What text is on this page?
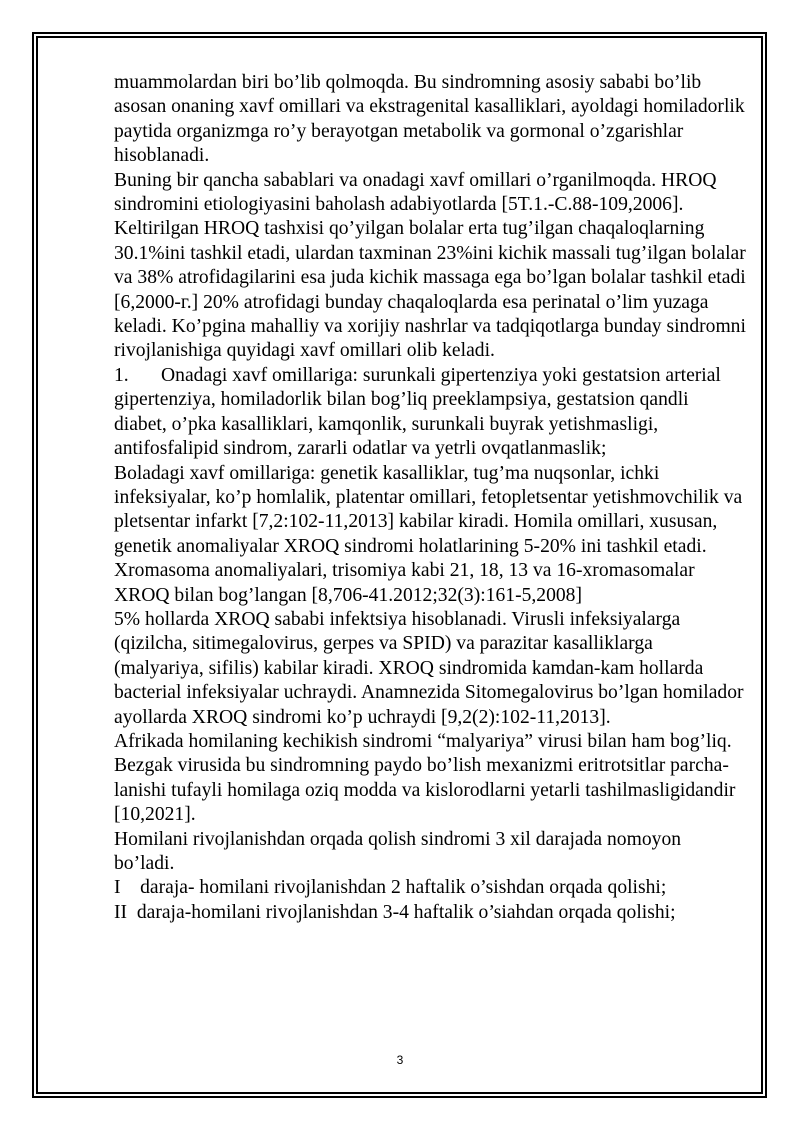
muammolardan biri bo’lib qolmoqda. Bu sindromning asosiy sababi bo’lib asosan onaning xavf omillari va ekstragenital kasalliklari, ayoldagi homiladorlik paytida organizmga ro’y berayotgan metabolik va gormonal o’zgarishlar hisoblanadi.

Buning bir qancha sabablari va onadagi xavf omillari o’rganilmoqda. HROQ sindromini etiologiyasini baholash adabiyotlarda [5T.1.-C.88-109,2006]. Keltirilgan HROQ tashxisi qo’yilgan bolalar erta tug’ilgan chaqaloqlarning 30.1%ini tashkil etadi, ulardan taxminan 23%ini kichik massali tug’ilgan bolalar va 38% atrofidagilarini esa juda kichik massaga ega bo’lgan bolalar tashkil etadi [6,2000-г.] 20% atrofidagi bunday chaqaloqlarda esa perinatal o’lim yuzaga keladi. Ko’pgina mahalliy va xorijiy nashrlar va tadqiqotlarga bunday sindromni rivojlanishiga quyidagi xavf omillari olib keladi.

1. Onadagi xavf omillariga: surunkali gipertenziya yoki gestatsion arterial gipertenziya, homiladorlik bilan bog’liq preeklampsiya, gestatsion qandli diabet, o’pka kasalliklari, kamqonlik, surunkali buyrak yetishmasligi, antifosfalipid sindrom, zararli odatlar va yetrli ovqatlanmaslik;

Boladagi xavf omillariga: genetik kasalliklar, tug’ma nuqsonlar, ichki infeksiyalar, ko’p homlalik, platentar omillari, fetopletsentar yetishmovchilik va pletsentar infarkt [7,2:102-11,2013] kabilar kiradi. Homila omillari, xususan, genetik anomaliyalar XROQ sindromi holatlarining 5-20% ini tashkil etadi. Xromasoma anomaliyalari, trisomiya kabi 21, 18, 13 va 16-xromasomalar XROQ bilan bog’langan [8,706-41.2012;32(3):161-5,2008]

5% hollarda XROQ sababi infektsiya hisoblanadi. Virusli infeksiyalarga (qizilcha, sitimegalovirus, gerpes va SPID) va parazitar kasalliklarga (malyariya, sifilis) kabilar kiradi. XROQ sindromida kamdan-kam hollarda bacterial infeksiyalar uchraydi. Anamnezida Sitomegalovirus bo’lgan homilador ayollarda XROQ sindromi ko’p uchraydi [9,2(2):102-11,2013].

Afrikada homilaning kechikish sindromi “malyariya” virusi bilan ham bog’liq. Bezgak virusida bu sindromning paydo bo’lish mexanizmi eritrotsitlar parcha-lanishi tufayli homilaga oziq modda va kislorodlarni yetarli tashilmasligidandir [10,2021].

Homilani rivojlanishdan orqada qolish sindromi 3 xil darajada nomoyon bo’ladi.

I    daraja- homilani rivojlanishdan 2 haftalik o’sishdan orqada qolishi;

II  daraja-homilani rivojlanishdan 3-4 haftalik o’siahdan orqada qolishi;

3
